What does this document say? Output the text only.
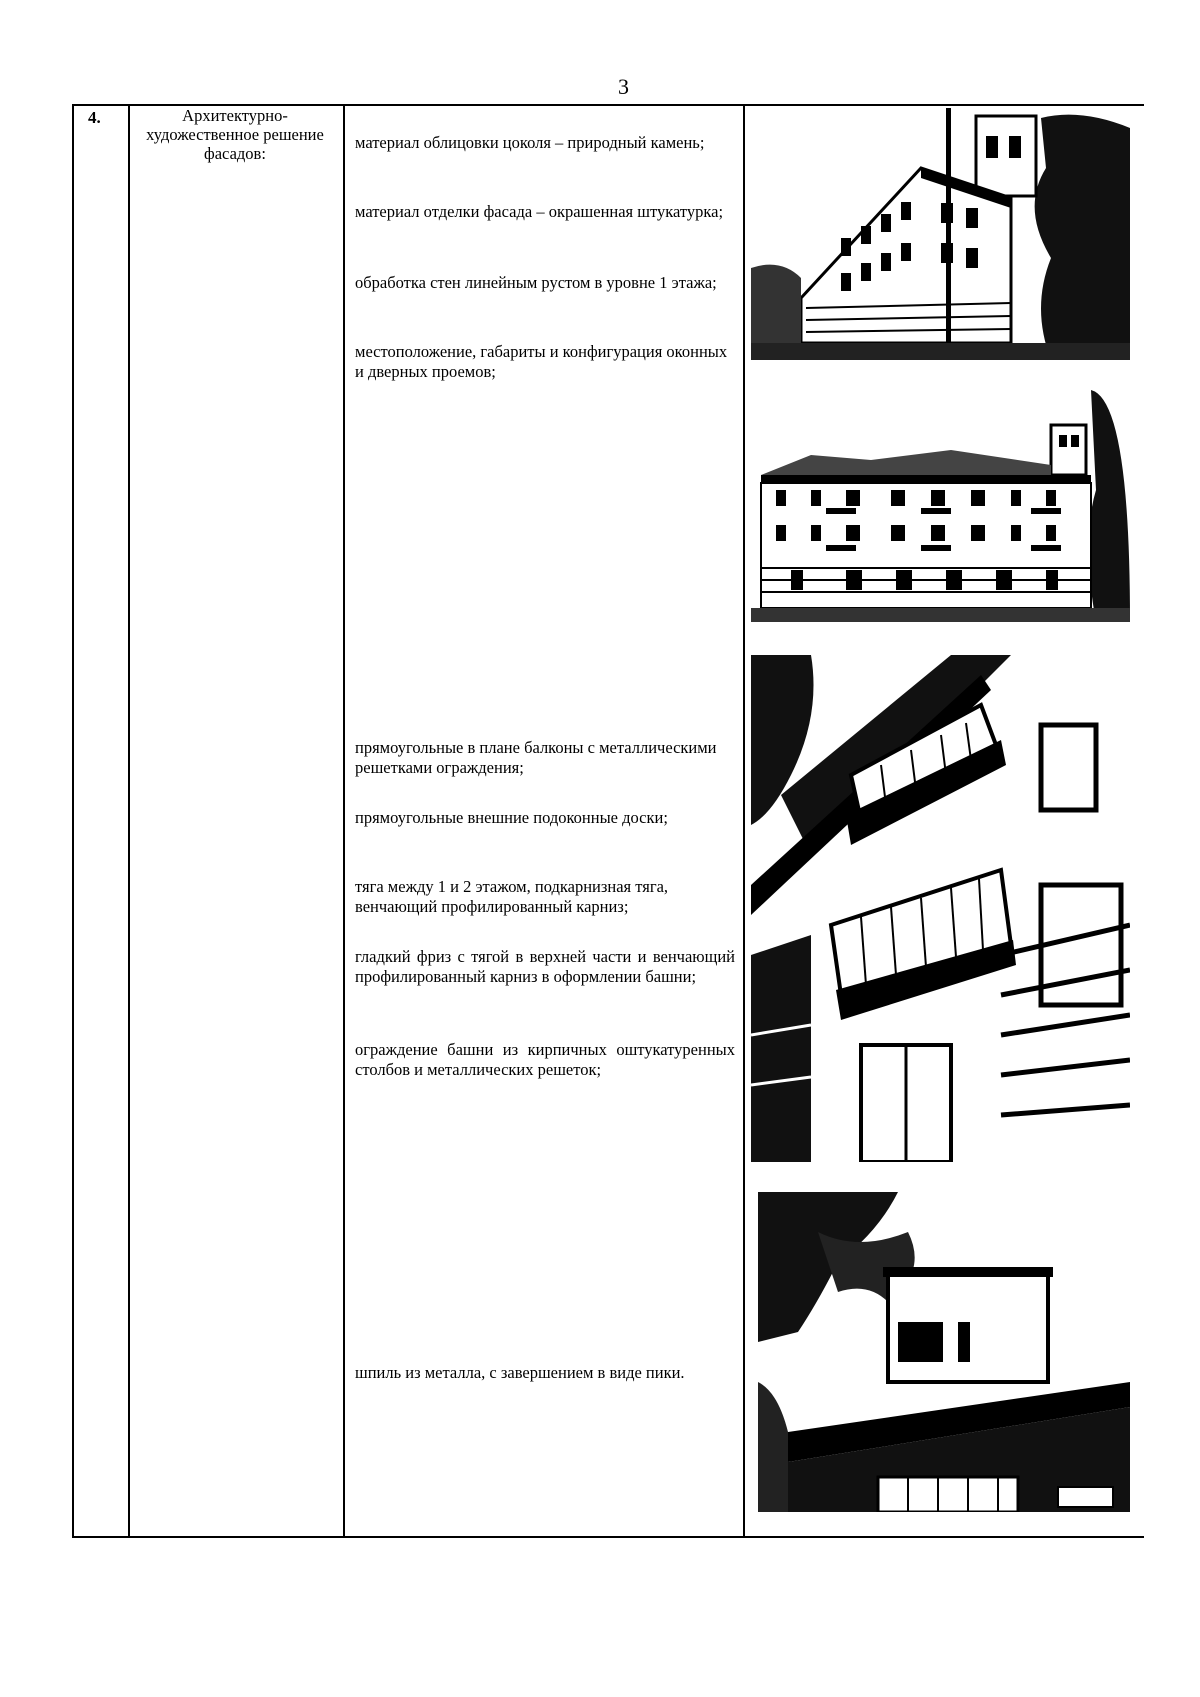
3
4.	Архитектурно-художественное решение фасадов:

материал облицовки цоколя – природный камень;

материал отделки фасада – окрашенная штукатурка;

обработка стен линейным рустом в уровне 1 этажа;

местоположение, габариты и конфигурация оконных и дверных проемов;

прямоугольные в плане балконы с металлическими решетками ограждения;

прямоугольные внешние подоконные доски;

тяга между 1 и 2 этажом, подкарнизная тяга, венчающий профилированный карниз;

гладкий фриз с тягой в верхней части и венчающий профилированный карниз в оформлении башни;

ограждение башни из кирпичных оштукатуренных столбов и металлических решеток;

шпиль из металла, с завершением в виде пики.
